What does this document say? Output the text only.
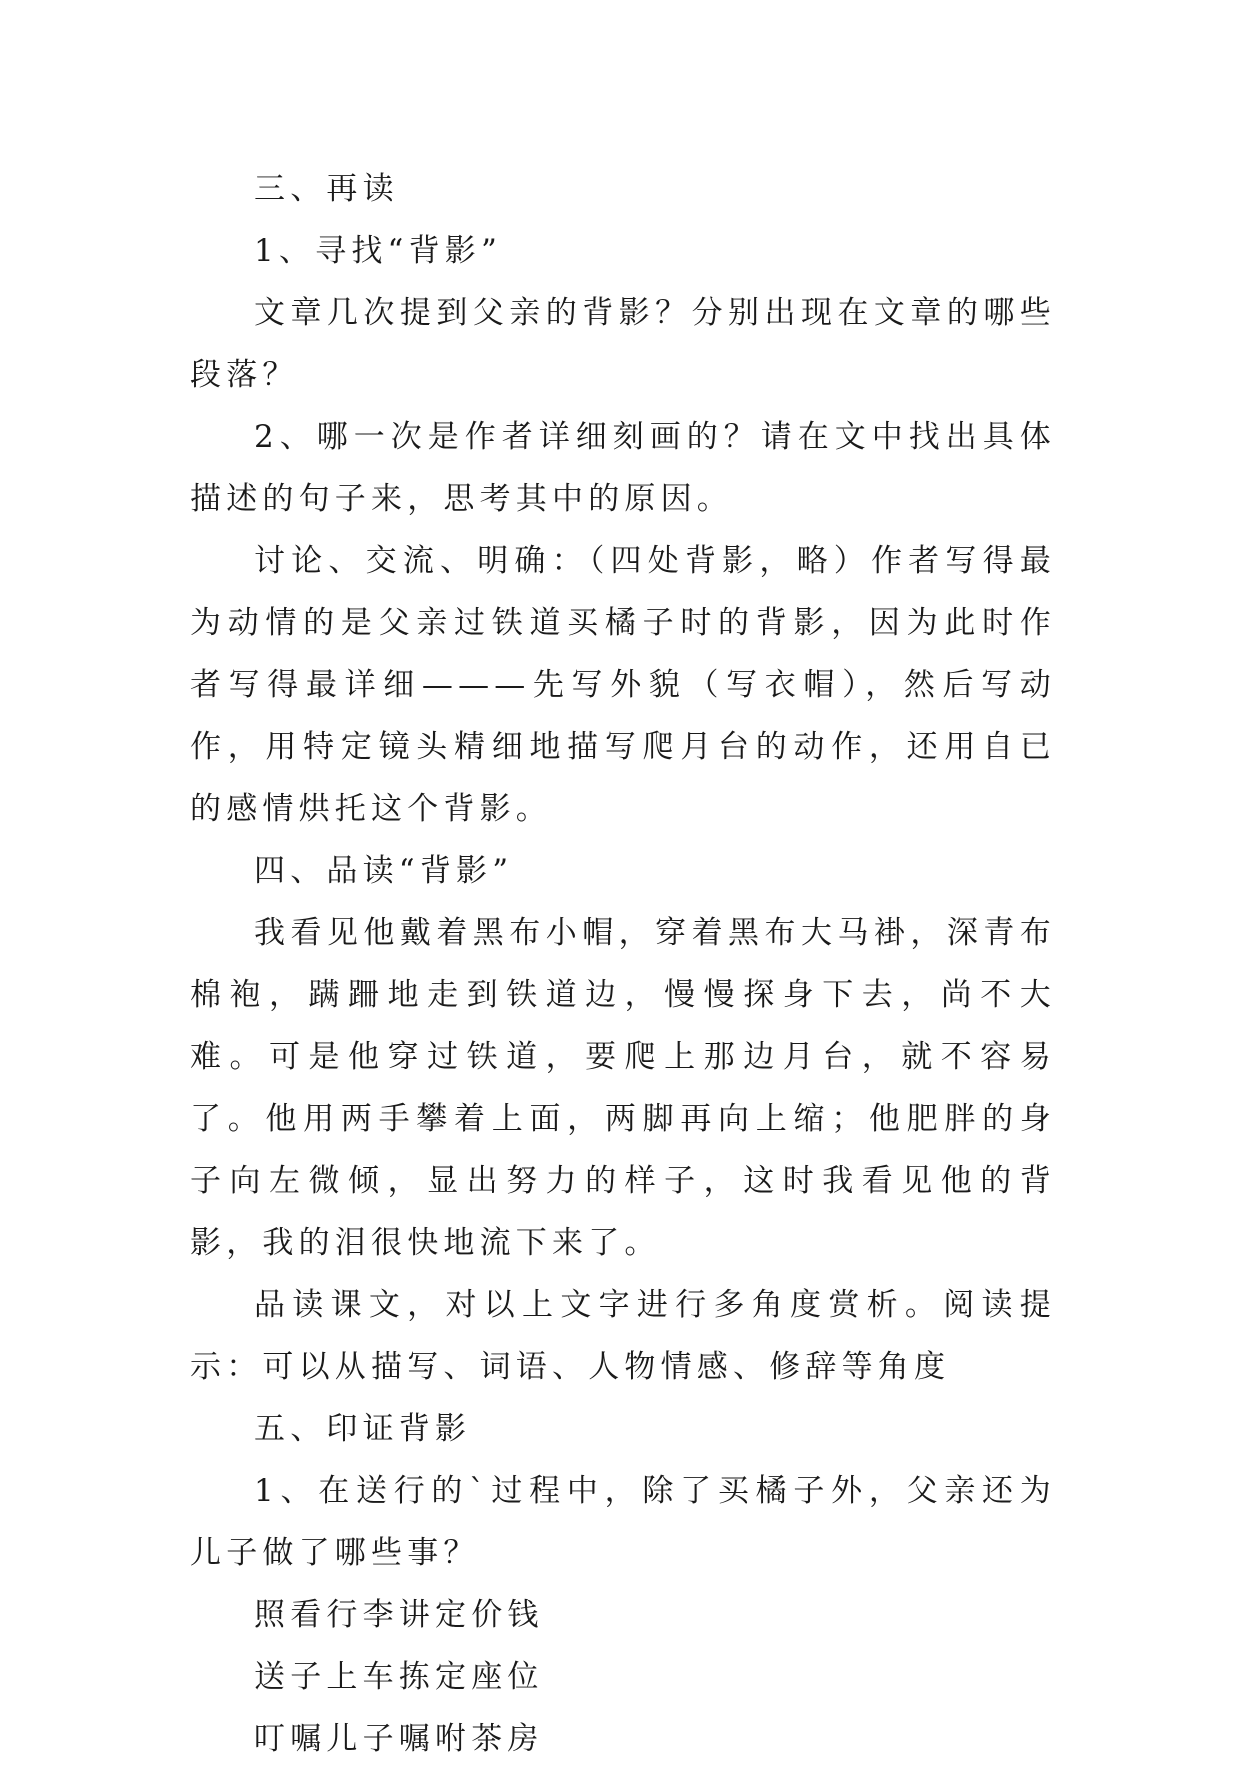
三、再读

1、寻找“背影”

文章几次提到父亲的背影？分别出现在文章的哪些段落？

2、哪一次是作者详细刻画的？请在文中找出具体描述的句子来，思考其中的原因。

讨论、交流、明确：（四处背影，略）作者写得最为动情的是父亲过铁道买橘子时的背影，因为此时作者写得最详细———先写外貌（写衣帽），然后写动作，用特定镜头精细地描写爬月台的动作，还用自已的感情烘托这个背影。

四、品读“背影”

我看见他戴着黑布小帽，穿着黑布大马褂，深青布棉袍，蹒跚地走到铁道边，慢慢探身下去，尚不大难。可是他穿过铁道，要爬上那边月台，就不容易了。他用两手攀着上面，两脚再向上缩；他肥胖的身子向左微倾，显出努力的样子，这时我看见他的背影，我的泪很快地流下来了。

品读课文，对以上文字进行多角度赏析。阅读提示：可以从描写、词语、人物情感、修辞等角度

五、印证背影

1、在送行的`过程中，除了买橘子外，父亲还为儿子做了哪些事？

照看行李讲定价钱

送子上车拣定座位

叮嘱儿子嘱咐茶房
